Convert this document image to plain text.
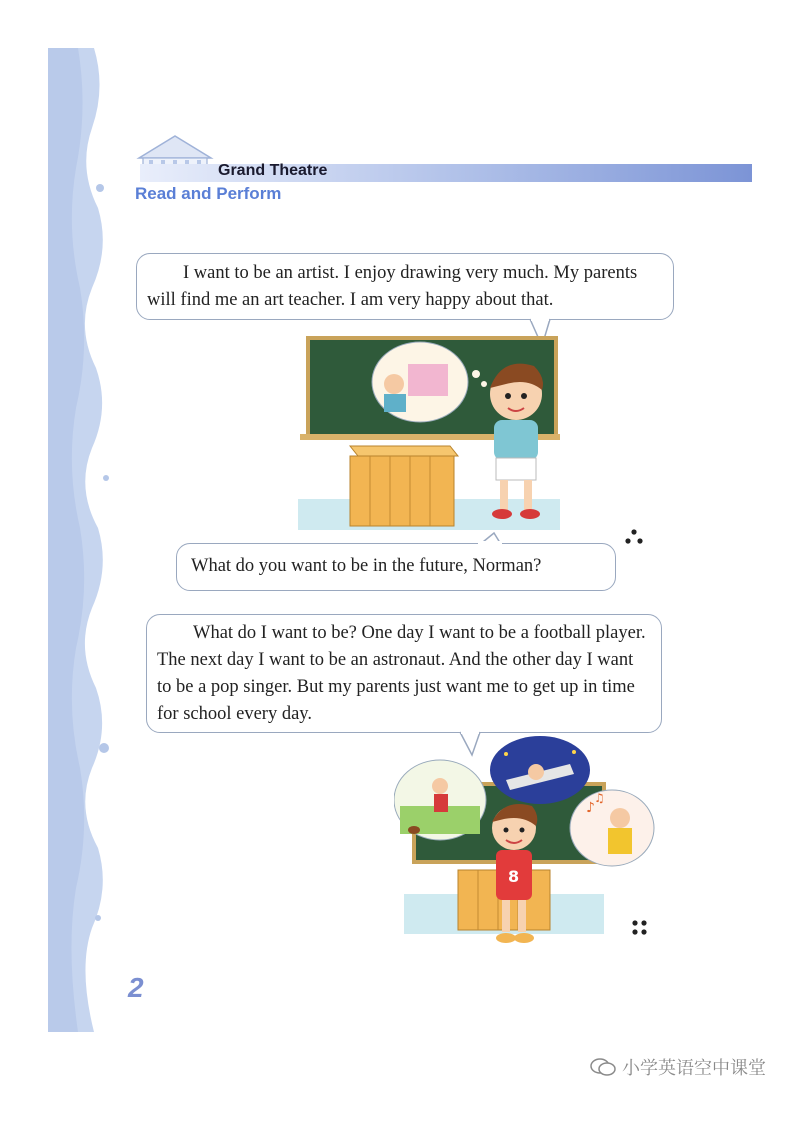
Grand Theatre
Read and Perform
I want to be an artist. I enjoy drawing very much. My parents will find me an art teacher. I am very happy about that.
What do you want to be in the future, Norman?
What do I want to be? One day I want to be a football player. The next day I want to be an astronaut. And the other day I want to be a pop singer. But my parents just want me to get up in time for school every day.
♪
♫
8
2
小学英语空中课堂
